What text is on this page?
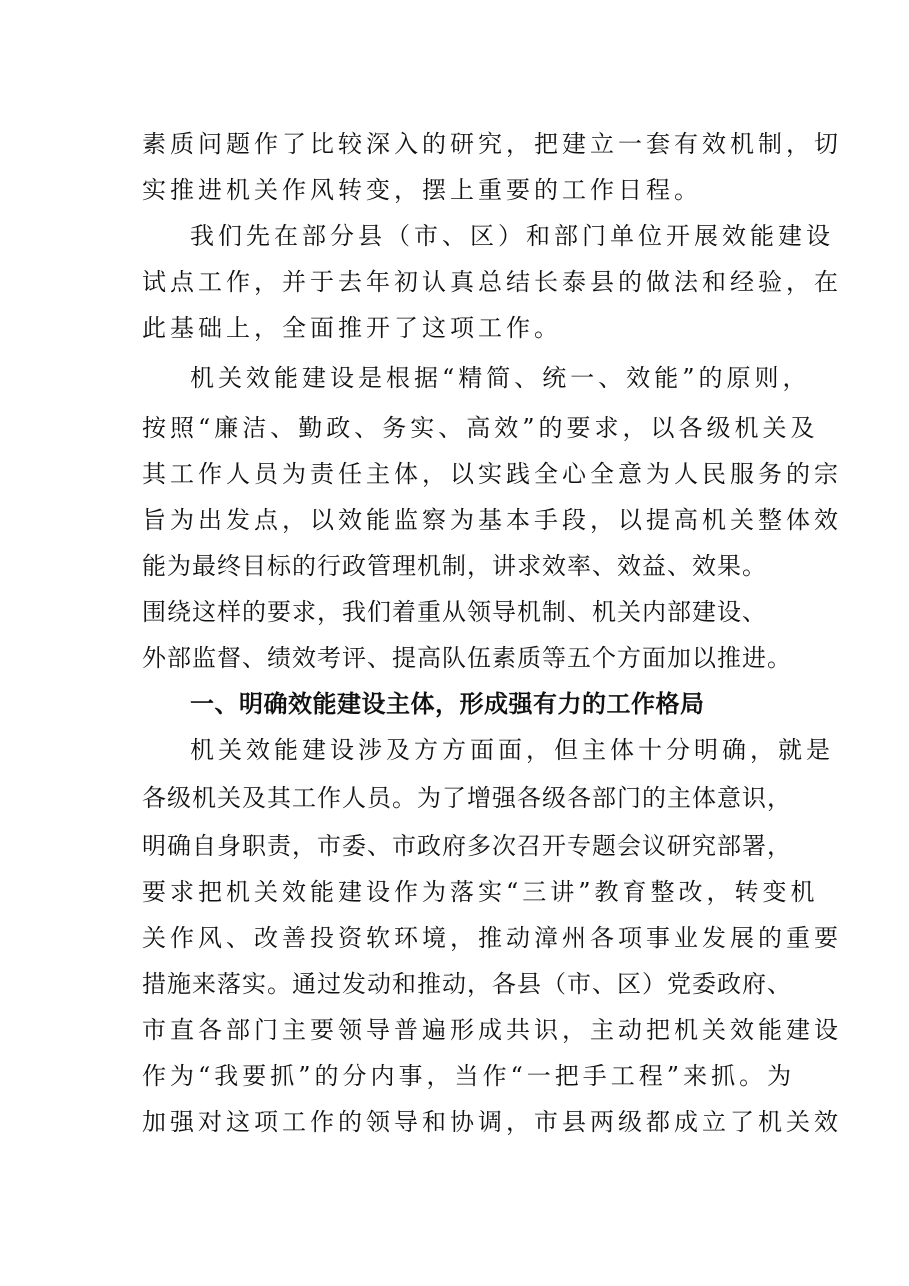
素质问题作了比较深入的研究，把建立一套有效机制，切
实推进机关作风转变，摆上重要的工作日程。
我们先在部分县（市、区）和部门单位开展效能建设
试点工作，并于去年初认真总结长泰县的做法和经验，在
此基础上，全面推开了这项工作。
机关效能建设是根据“精简、统一、效能”的原则，
按照“廉洁、勤政、务实、高效”的要求，以各级机关及
其工作人员为责任主体，以实践全心全意为人民服务的宗
旨为出发点，以效能监察为基本手段，以提高机关整体效
能为最终目标的行政管理机制，讲求效率、效益、效果。
围绕这样的要求，我们着重从领导机制、机关内部建设、
外部监督、绩效考评、提高队伍素质等五个方面加以推进。
一、明确效能建设主体，形成强有力的工作格局
机关效能建设涉及方方面面，但主体十分明确，就是
各级机关及其工作人员。为了增强各级各部门的主体意识，
明确自身职责，市委、市政府多次召开专题会议研究部署，
要求把机关效能建设作为落实“三讲”教育整改，转变机
关作风、改善投资软环境，推动漳州各项事业发展的重要
措施来落实。通过发动和推动，各县（市、区）党委政府、
市直各部门主要领导普遍形成共识，主动把机关效能建设
作为“我要抓”的分内事，当作“一把手工程”来抓。为
加强对这项工作的领导和协调，市县两级都成立了机关效
